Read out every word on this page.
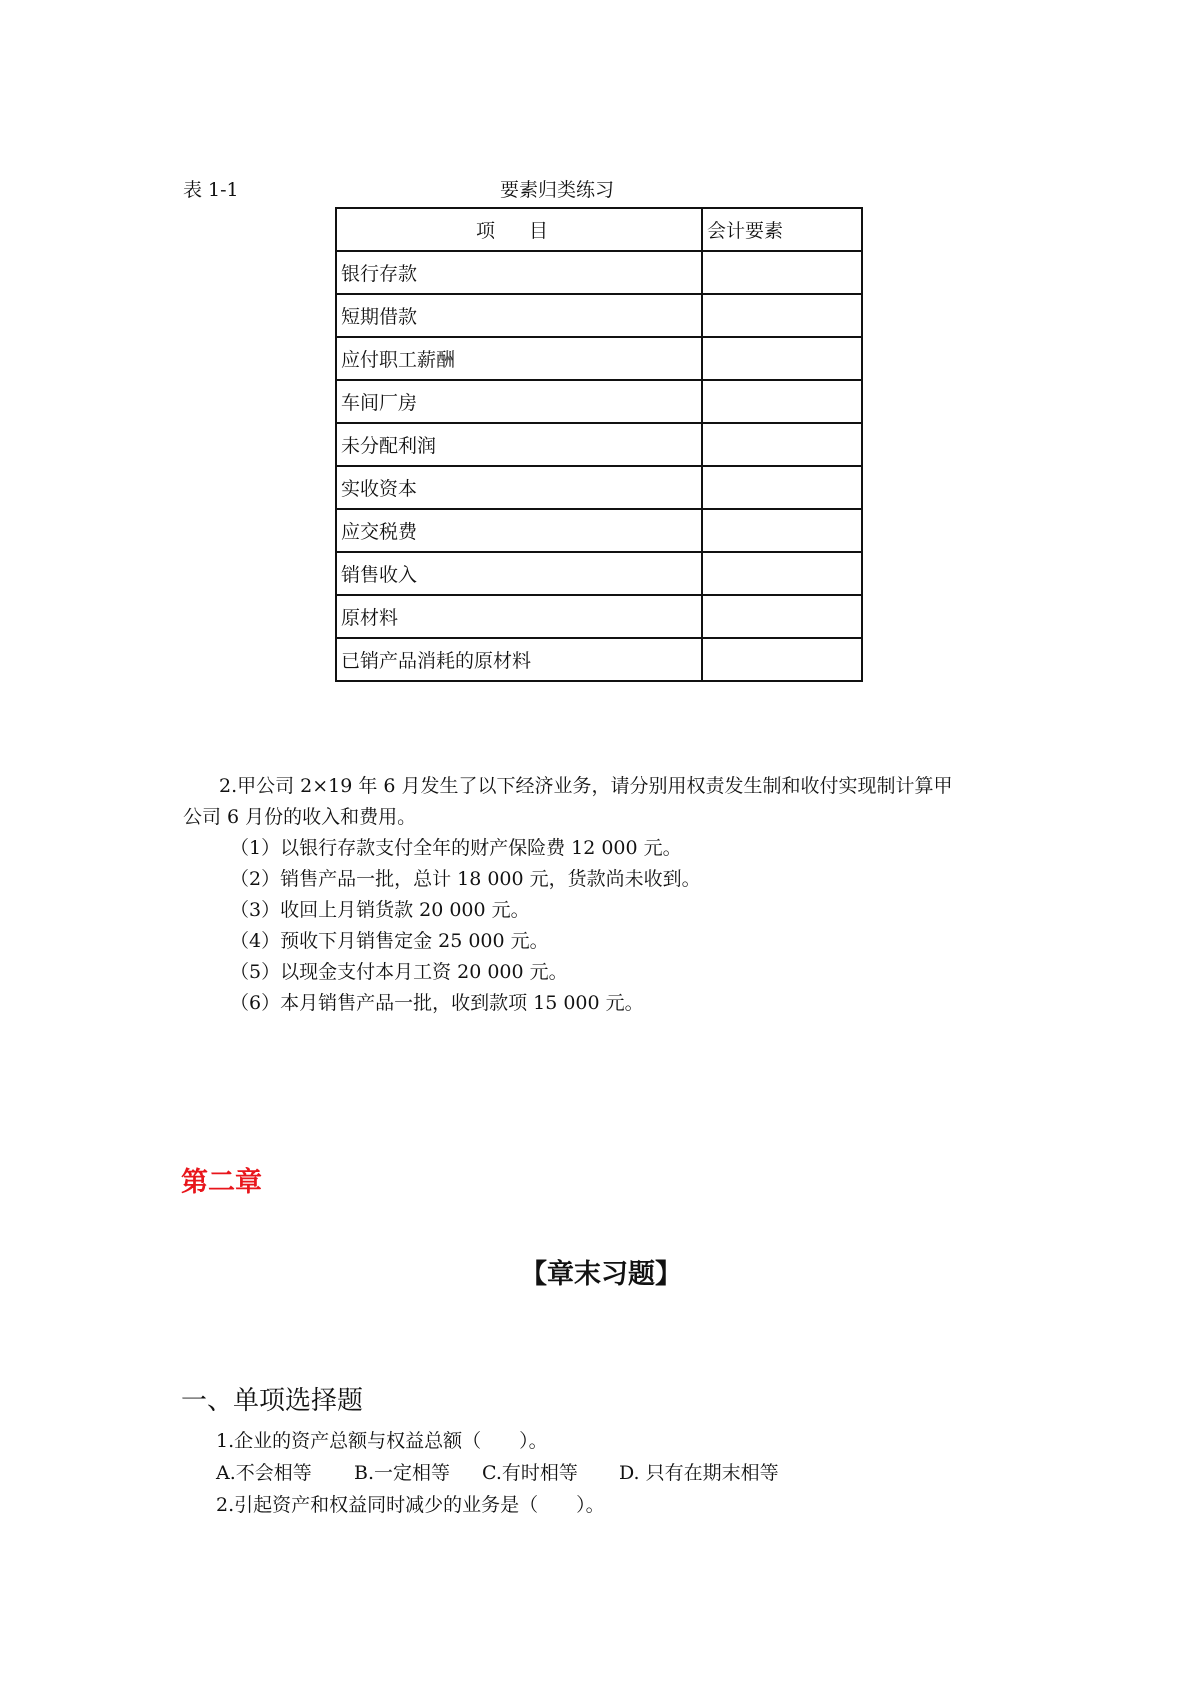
表 1-1	要素归类练习
项 目	会计要素
银行存款	
短期借款	
应付职工薪酬	
车间厂房	
未分配利润	
实收资本	
应交税费	
销售收入	
原材料	
已销产品消耗的原材料	
2.甲公司 2×19 年 6 月发生了以下经济业务，请分别用权责发生制和收付实现制计算甲
公司 6 月份的收入和费用。
（1）以银行存款支付全年的财产保险费 12 000 元。
（2）销售产品一批，总计 18 000 元，货款尚未收到。
（3）收回上月销货款 20 000 元。
（4）预收下月销售定金 25 000 元。
（5）以现金支付本月工资 20 000 元。
（6）本月销售产品一批，收到款项 15 000 元。
第二章
【章末习题】
一、单项选择题
1.企业的资产总额与权益总额（　　）。
A.不会相等 B.一定相等 C.有时相等 D. 只有在期末相等
2.引起资产和权益同时减少的业务是（　　）。
